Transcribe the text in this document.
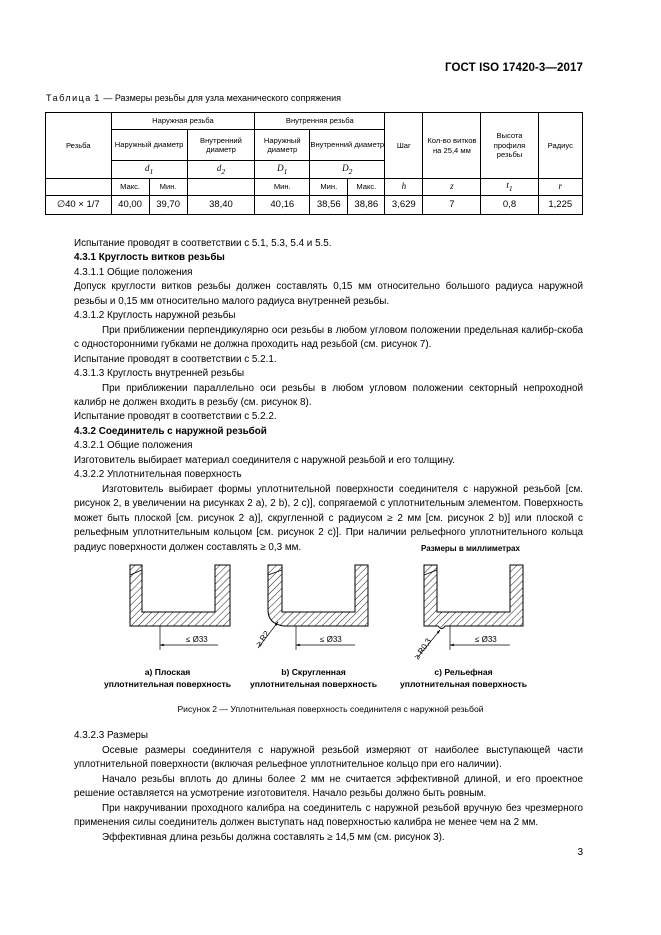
ГОСТ ISO 17420-3—2017
Таблица 1 — Размеры резьбы для узла механического сопряжения
Резьба	Наружная резьба			Внутренняя резьба			Шаг	Кол-во витков на 25,4 мм	Высота профиля резьбы	Радиус
	Наружный диаметр		Внутренний диаметр	Наружный диаметр	Внутренний диаметр					
	$d_1$		$d_2$	$D_1$	$D_2$
	Макс.	Мин.		Мин.	Мин.	Макс.	h	z	$t_1$	r
∅40 × 1/7	40,00	39,70	38,40	40,16	38,56	38,86	3,629	7	0,8	1,225

Испытание проводят в соответствии с 5.1, 5.3, 5.4 и 5.5.

4.3.1 Круглость витков резьбы

4.3.1.1 Общие положения

Допуск круглости витков резьбы должен составлять 0,15 мм относительно большого радиуса наружной резьбы и 0,15 мм относительно малого радиуса внутренней резьбы.

4.3.1.2 Круглость наружной резьбы

При приближении перпендикулярно оси резьбы в любом угловом положении предельная калибр-скоба с односторонними губками не должна проходить над резьбой (см. рисунок 7).

Испытание проводят в соответствии с 5.2.1.

4.3.1.3 Круглость внутренней резьбы

При приближении параллельно оси резьбы в любом угловом положении секторный непроходной калибр не должен входить в резьбу (см. рисунок 8).

Испытание проводят в соответствии с 5.2.2.

4.3.2 Соединитель с наружной резьбой

4.3.2.1 Общие положения

Изготовитель выбирает материал соединителя с наружной резьбой и его толщину.

4.3.2.2 Уплотнительная поверхность

Изготовитель выбирает формы уплотнительной поверхности соединителя с наружной резьбой [см. рисунок 2, в увеличении на рисунках 2 а), 2 b), 2 с)], сопрягаемой с уплотнительным элементом. Поверхность может быть плоской [см. рисунок 2 а)], скругленной с радиусом ≥ 2 мм [см. рисунок 2 b)] или плоской с рельефным уплотнительным кольцом [см. рисунок 2 с)]. При наличии рельефного уплотнительного кольца радиус поверхности должен составлять ≥ 0,3 мм.	Размеры в миллиметрах
≤ Ø33	≤ Ø33
≥ R2	≤ Ø33
≥ R0,3
а) Плоская
уплотнительная поверхность
b) Скругленная
уплотнительная поверхность
с) Рельефная
уплотнительная поверхность
Рисунок 2 — Уплотнительная поверхность соединителя с наружной резьбой

4.3.2.3 Размеры

Осевые размеры соединителя с наружной резьбой измеряют от наиболее выступающей части уплотнительной поверхности (включая рельефное уплотнительное кольцо при его наличии).

Начало резьбы вплоть до длины более 2 мм не считается эффективной длиной, и его проектное решение оставляется на усмотрение изготовителя. Начало резьбы должно быть ровным.

При накручивании проходного калибра на соединитель с наружной резьбой вручную без чрезмерного применения силы соединитель должен выступать над поверхностью калибра не менее чем на 2 мм.

Эффективная длина резьбы должна составлять ≥ 14,5 мм (см. рисунок 3).

3
